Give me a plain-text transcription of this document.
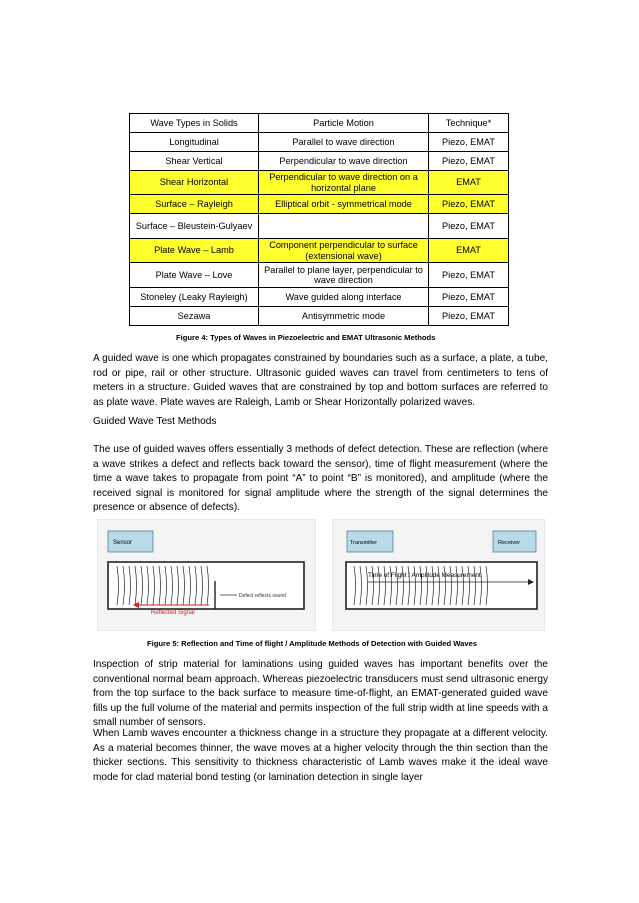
Wave Types in Solids	Particle Motion	Technique*
Longitudinal	Parallel to wave direction	Piezo, EMAT
Shear Vertical	Perpendicular to wave direction	Piezo, EMAT
Shear Horizontal	Perpendicular to wave direction on a horizontal plane	EMAT
Surface – Rayleigh	Elliptical orbit - symmetrical mode	Piezo, EMAT
Surface – Bleustein-Gulyaev		Piezo, EMAT
Plate Wave – Lamb	Component perpendicular to surface (extensional wave)	EMAT
Plate Wave – Love	Parallel to plane layer, perpendicular to wave direction	Piezo, EMAT
Stoneley (Leaky Rayleigh)	Wave guided along interface	Piezo, EMAT
Sezawa	Antisymmetric mode	Piezo, EMAT
Figure 4: Types of Waves in Piezoelectric and EMAT Ultrasonic Methods

A guided wave is one which propagates constrained by boundaries such as a surface, a plate, a tube, rod or pipe, rail or other structure. Ultrasonic guided waves can travel from centimeters to tens of meters in a structure. Guided waves that are constrained by top and bottom surfaces are referred to as plate wave. Plate waves are Raleigh, Lamb or Shear Horizontally polarized waves.

Guided Wave Test Methods

The use of guided waves offers essentially 3 methods of defect detection. These are reflection (where a wave strikes a defect and reflects back toward the sensor), time of flight measurement (where the time a wave takes to propagate from point “A” to point “B” is monitored), and amplitude (where the received signal is monitored for signal amplitude where the strength of the signal determines the presence or absence of defects).

Sensor
Defect reflects sound
Reflected Signal
Transmitter	Receiver
Time of Flight / Amplitude Measurement
Figure 5: Reflection and Time of flight / Amplitude Methods of Detection with Guided Waves

Inspection of strip material for laminations using guided waves has important benefits over the conventional normal beam approach. Whereas piezoelectric transducers must send ultrasonic energy from the top surface to the back surface to measure time-of-flight, an EMAT-generated guided wave fills up the full volume of the material and permits inspection of the full strip width at line speeds with a small number of sensors.

When Lamb waves encounter a thickness change in a structure they propagate at a different velocity. As a material becomes thinner, the wave moves at a higher velocity through the thin section than the thicker sections. This sensitivity to thickness characteristic of Lamb waves make it the ideal wave mode for clad material bond testing (or lamination detection in single layer
